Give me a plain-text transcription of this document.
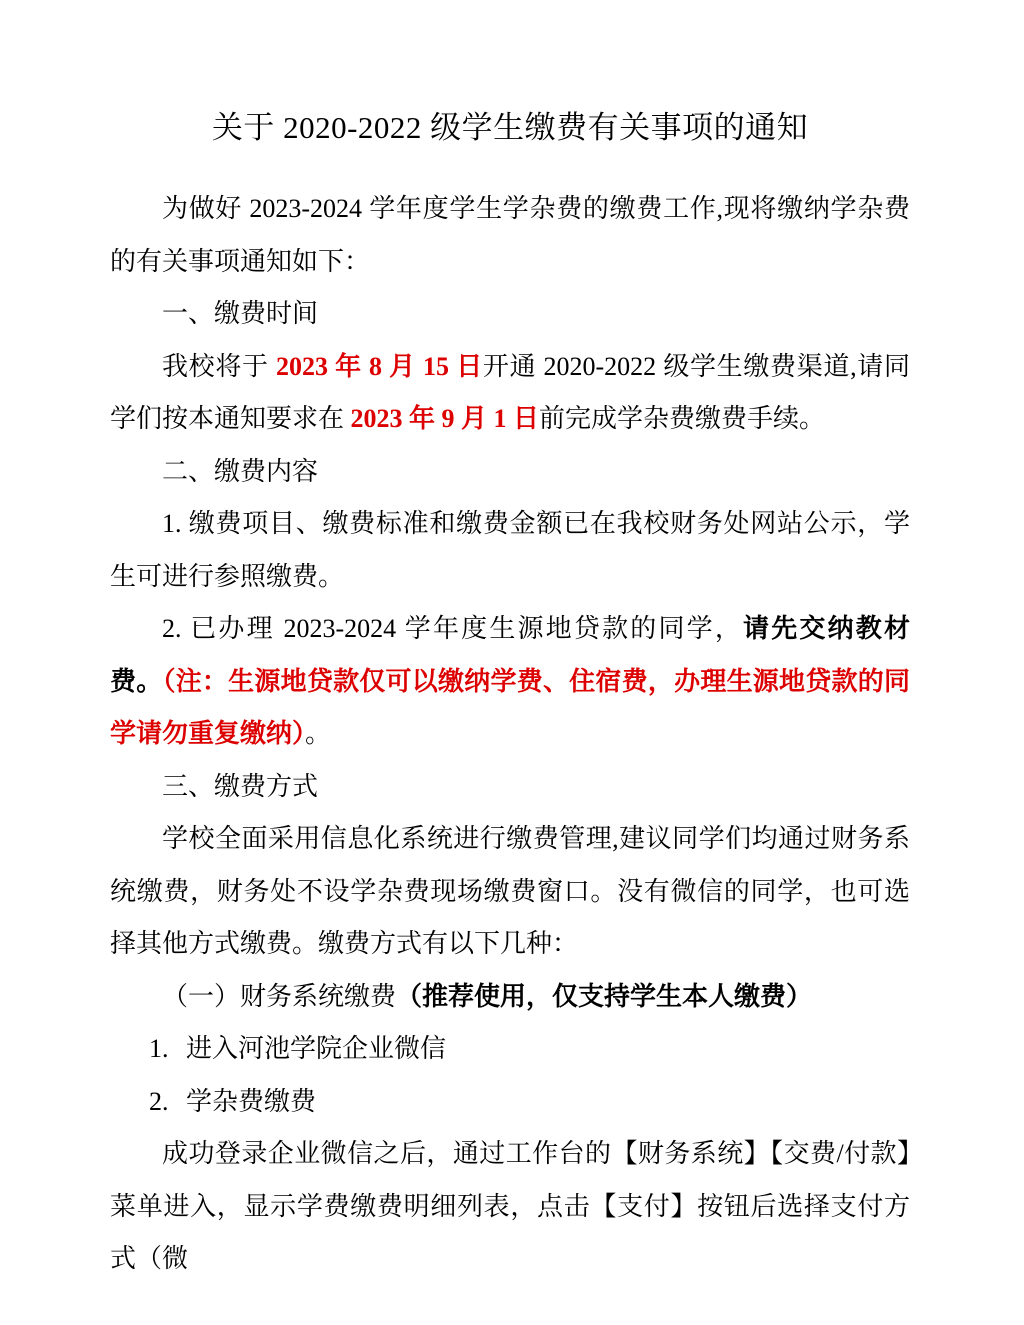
关于 2020-2022 级学生缴费有关事项的通知

为做好 2023-2024 学年度学生学杂费的缴费工作,现将缴纳学杂费的有关事项通知如下：

一、缴费时间

我校将于 2023 年 8 月 15 日开通 2020-2022 级学生缴费渠道,请同学们按本通知要求在 2023 年 9 月 1 日前完成学杂费缴费手续。

二、缴费内容

1. 缴费项目、缴费标准和缴费金额已在我校财务处网站公示，学生可进行参照缴费。

2. 已办理 2023-2024 学年度生源地贷款的同学，请先交纳教材费。（注：生源地贷款仅可以缴纳学费、住宿费，办理生源地贷款的同学请勿重复缴纳）。

三、缴费方式

学校全面采用信息化系统进行缴费管理,建议同学们均通过财务系统缴费，财务处不设学杂费现场缴费窗口。没有微信的同学，也可选择其他方式缴费。缴费方式有以下几种：

（一）财务系统缴费（推荐使用，仅支持学生本人缴费）

1. 进入河池学院企业微信

2. 学杂费缴费

成功登录企业微信之后，通过工作台的【财务系统】【交费/付款】菜单进入，显示学费缴费明细列表，点击【支付】按钮后选择支付方式（微
